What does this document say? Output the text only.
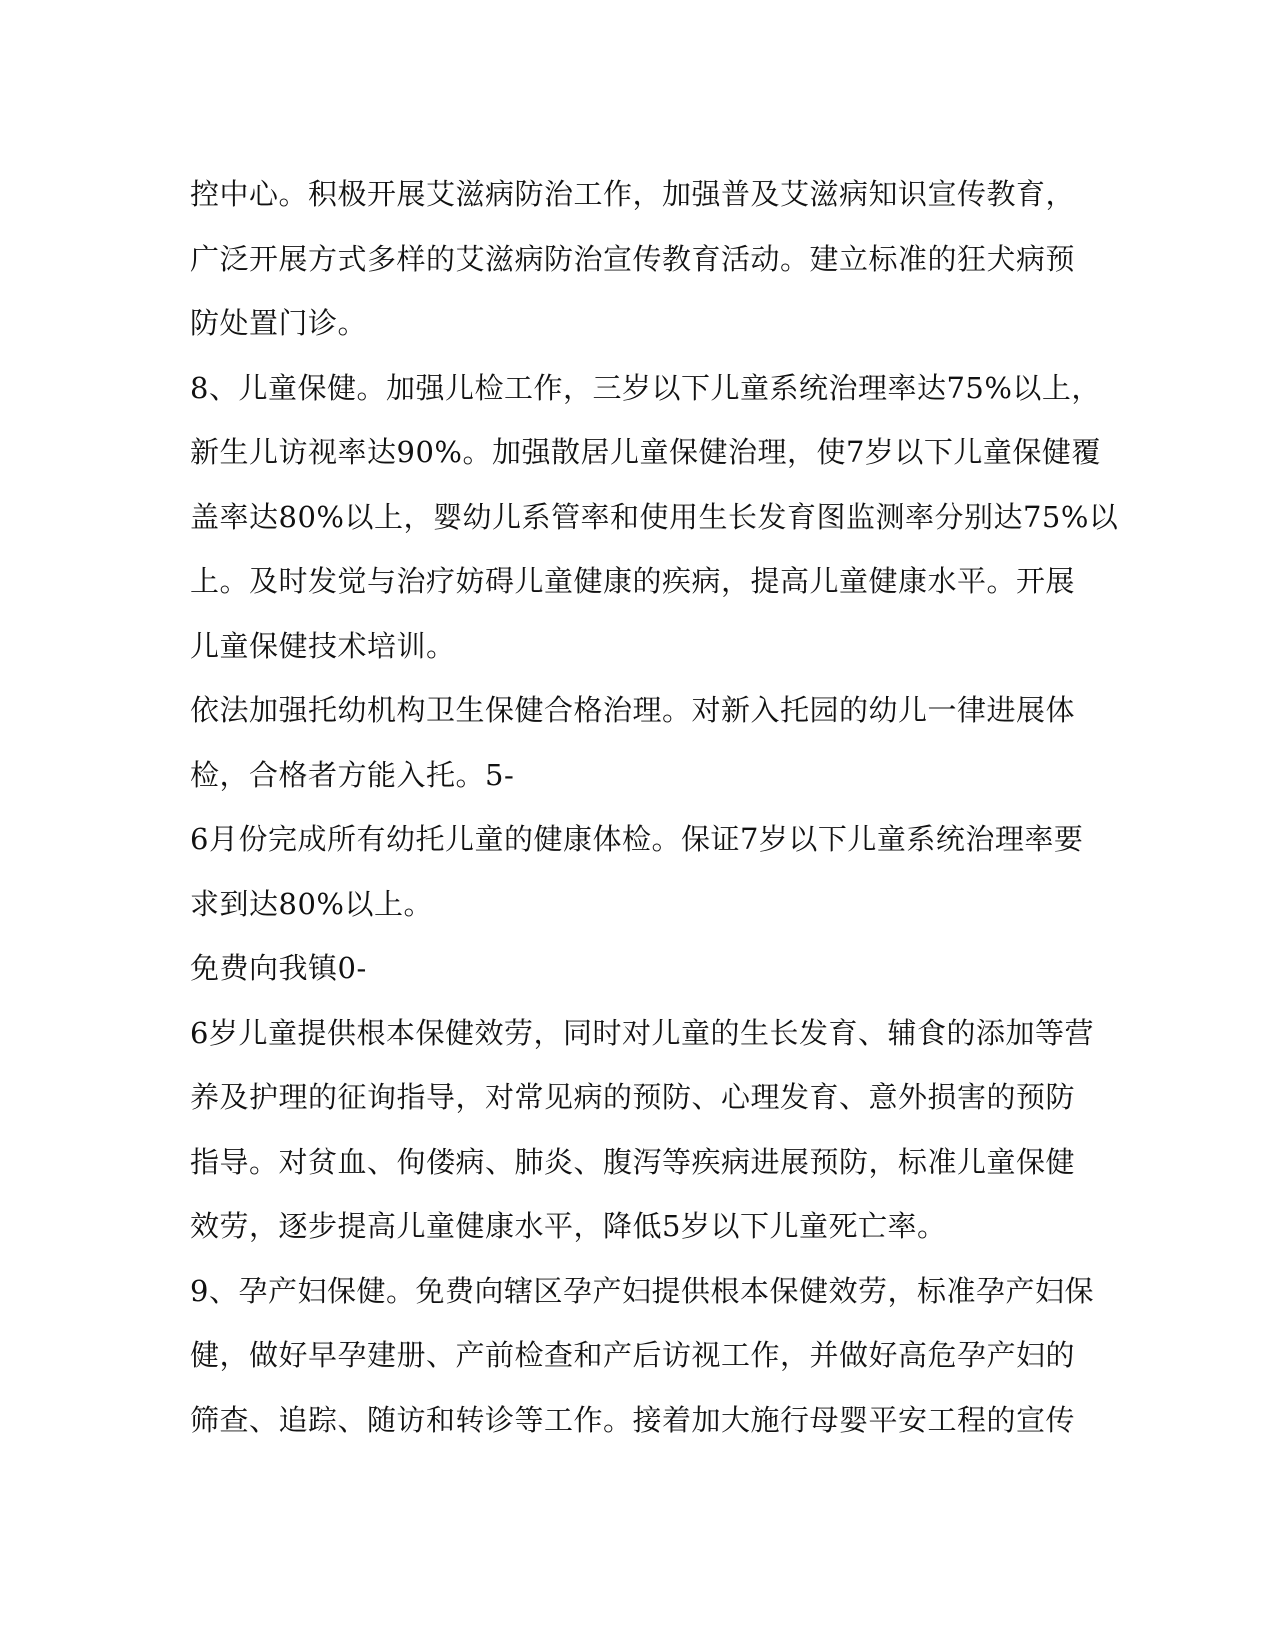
控中心。积极开展艾滋病防治工作，加强普及艾滋病知识宣传教育，
广泛开展方式多样的艾滋病防治宣传教育活动。建立标准的狂犬病预
防处置门诊。
8、儿童保健。加强儿检工作，三岁以下儿童系统治理率达75%以上，
新生儿访视率达90%。加强散居儿童保健治理，使7岁以下儿童保健覆
盖率达80%以上，婴幼儿系管率和使用生长发育图监测率分别达75%以
上。及时发觉与治疗妨碍儿童健康的疾病，提高儿童健康水平。开展
儿童保健技术培训。
依法加强托幼机构卫生保健合格治理。对新入托园的幼儿一律进展体
检，合格者方能入托。5-
6月份完成所有幼托儿童的健康体检。保证7岁以下儿童系统治理率要
求到达80%以上。
免费向我镇0-
6岁儿童提供根本保健效劳，同时对儿童的生长发育、辅食的添加等营
养及护理的征询指导，对常见病的预防、心理发育、意外损害的预防
指导。对贫血、佝偻病、肺炎、腹泻等疾病进展预防，标准儿童保健
效劳，逐步提高儿童健康水平，降低5岁以下儿童死亡率。
9、孕产妇保健。免费向辖区孕产妇提供根本保健效劳，标准孕产妇保
健，做好早孕建册、产前检查和产后访视工作，并做好高危孕产妇的
筛查、追踪、随访和转诊等工作。接着加大施行母婴平安工程的宣传
